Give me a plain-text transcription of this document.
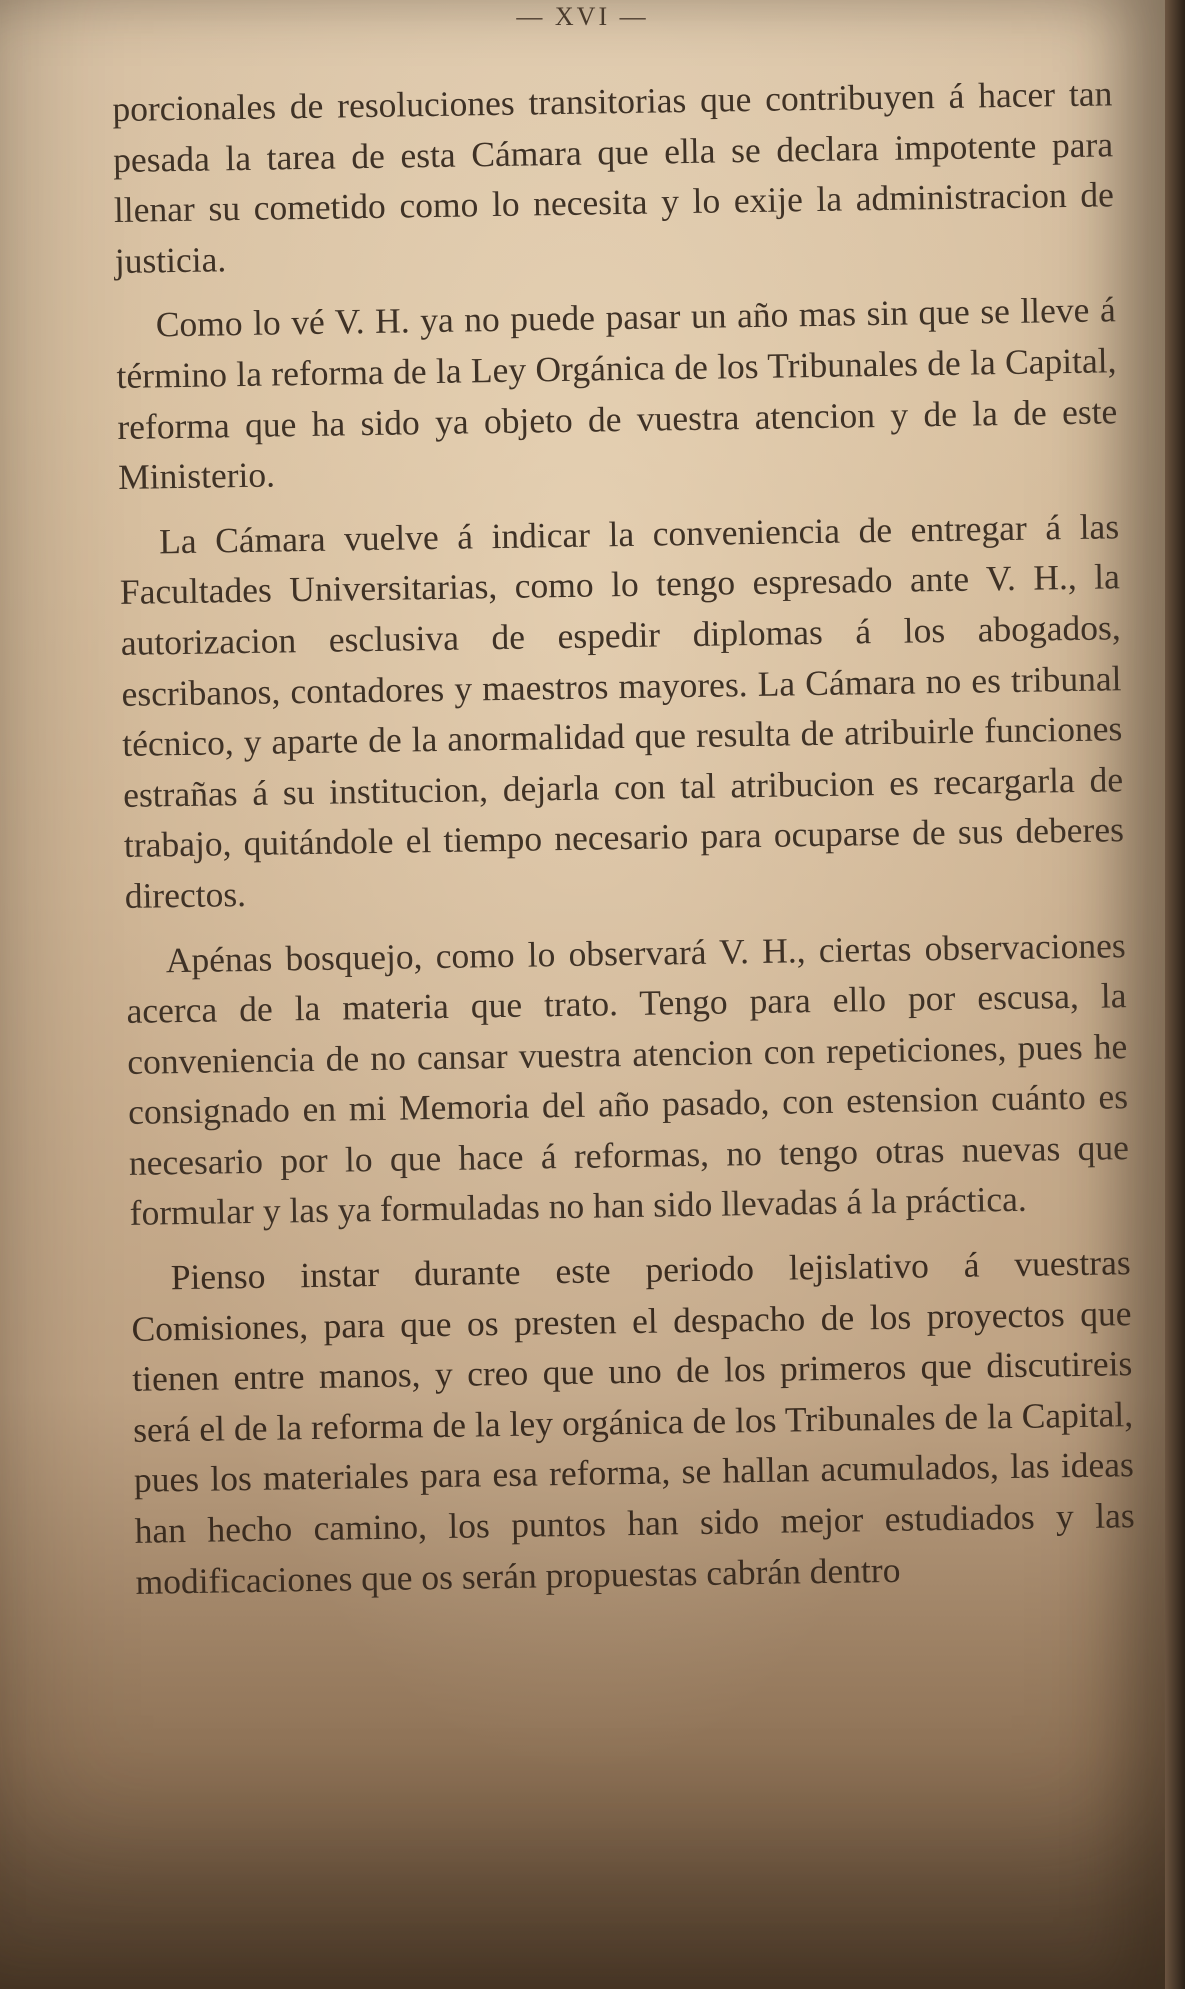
— XVI —

porcionales de resoluciones transitorias que contribuyen á hacer tan pesada la tarea de esta Cámara que ella se declara impotente para llenar su cometido como lo necesita y lo exije la administracion de justicia.

Como lo vé V. H. ya no puede pasar un año mas sin que se lleve á término la reforma de la Ley Orgánica de los Tribunales de la Capital, reforma que ha sido ya objeto de vuestra atencion y de la de este Ministerio.

La Cámara vuelve á indicar la conveniencia de entregar á las Facultades Universitarias, como lo tengo espresado ante V. H., la autorizacion esclusiva de espedir diplomas á los abogados, escribanos, contadores y maestros mayores. La Cámara no es tribunal técnico, y aparte de la anormalidad que resulta de atribuirle funciones estrañas á su institucion, dejarla con tal atribucion es recargarla de trabajo, quitándole el tiempo necesario para ocuparse de sus deberes directos.

Apénas bosquejo, como lo observará V. H., ciertas observaciones acerca de la materia que trato. Tengo para ello por escusa, la conveniencia de no cansar vuestra atencion con repeticiones, pues he consignado en mi Memoria del año pasado, con estension cuánto es necesario por lo que hace á reformas, no tengo otras nuevas que formular y las ya formuladas no han sido llevadas á la práctica.

Pienso instar durante este periodo lejislativo á vuestras Comisiones, para que os presten el despacho de los proyectos que tienen entre manos, y creo que uno de los primeros que discutireis será el de la reforma de la ley orgánica de los Tribunales de la Capital, pues los materiales para esa reforma, se hallan acumulados, las ideas han hecho camino, los puntos han sido mejor estudiados y las modificaciones que os serán propuestas cabrán dentro
